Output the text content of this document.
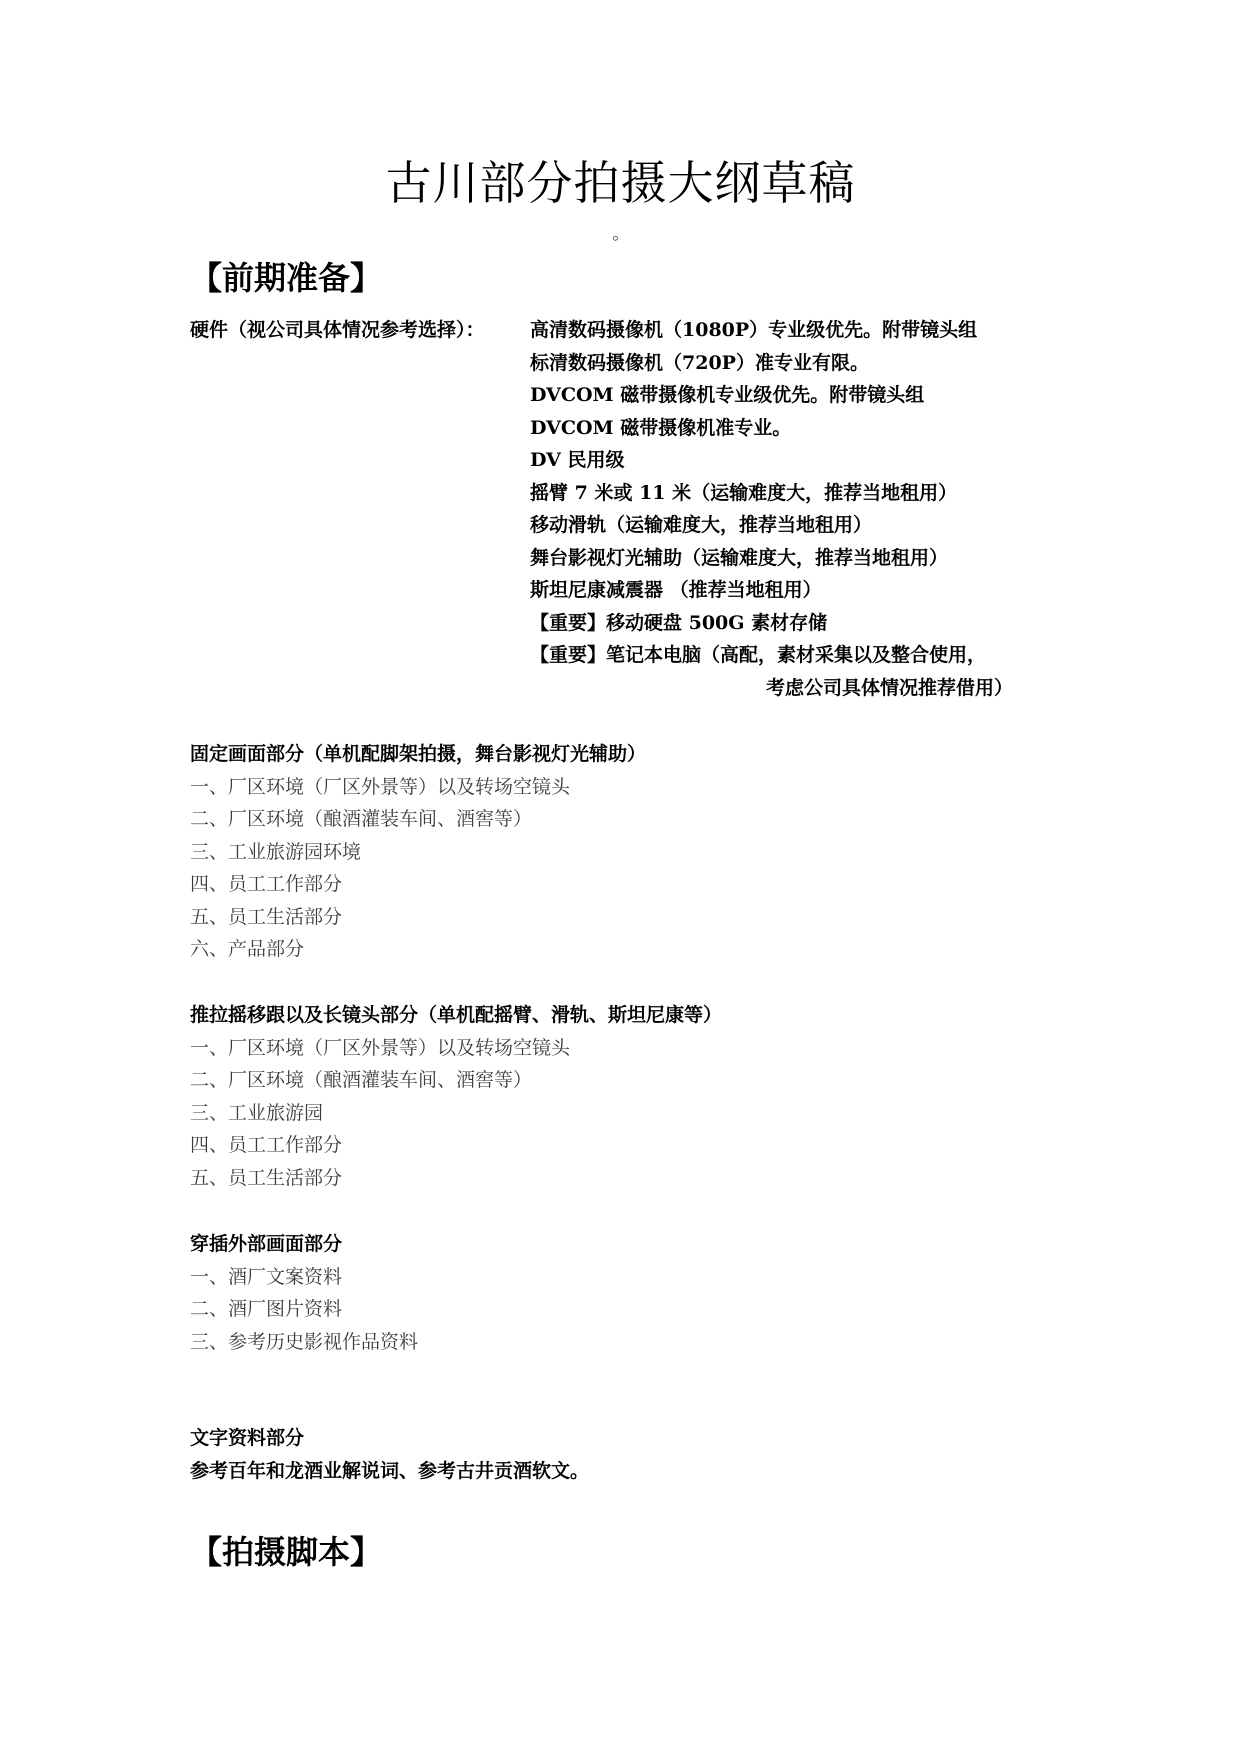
古川部分拍摄大纲草稿
。
【前期准备】
硬件（视公司具体情况参考选择）： 高清数码摄像机（1080P）专业级优先。附带镜头组
标清数码摄像机（720P）准专业有限。
DVCOM 磁带摄像机专业级优先。附带镜头组
DVCOM 磁带摄像机准专业。
DV 民用级
摇臂 7 米或 11 米（运输难度大，推荐当地租用）
移动滑轨（运输难度大，推荐当地租用）
舞台影视灯光辅助（运输难度大，推荐当地租用）
斯坦尼康减震器 （推荐当地租用）
【重要】移动硬盘 500G 素材存储
【重要】笔记本电脑（高配，素材采集以及整合使用，
考虑公司具体情况推荐借用）
固定画面部分（单机配脚架拍摄，舞台影视灯光辅助）
一、厂区环境（厂区外景等）以及转场空镜头
二、厂区环境（酿酒灌装车间、酒窖等）
三、工业旅游园环境
四、员工工作部分
五、员工生活部分
六、产品部分
推拉摇移跟以及长镜头部分（单机配摇臂、滑轨、斯坦尼康等）
一、厂区环境（厂区外景等）以及转场空镜头
二、厂区环境（酿酒灌装车间、酒窖等）
三、工业旅游园
四、员工工作部分
五、员工生活部分
穿插外部画面部分
一、酒厂文案资料
二、酒厂图片资料
三、参考历史影视作品资料
文字资料部分
参考百年和龙酒业解说词、参考古井贡酒软文。
【拍摄脚本】
